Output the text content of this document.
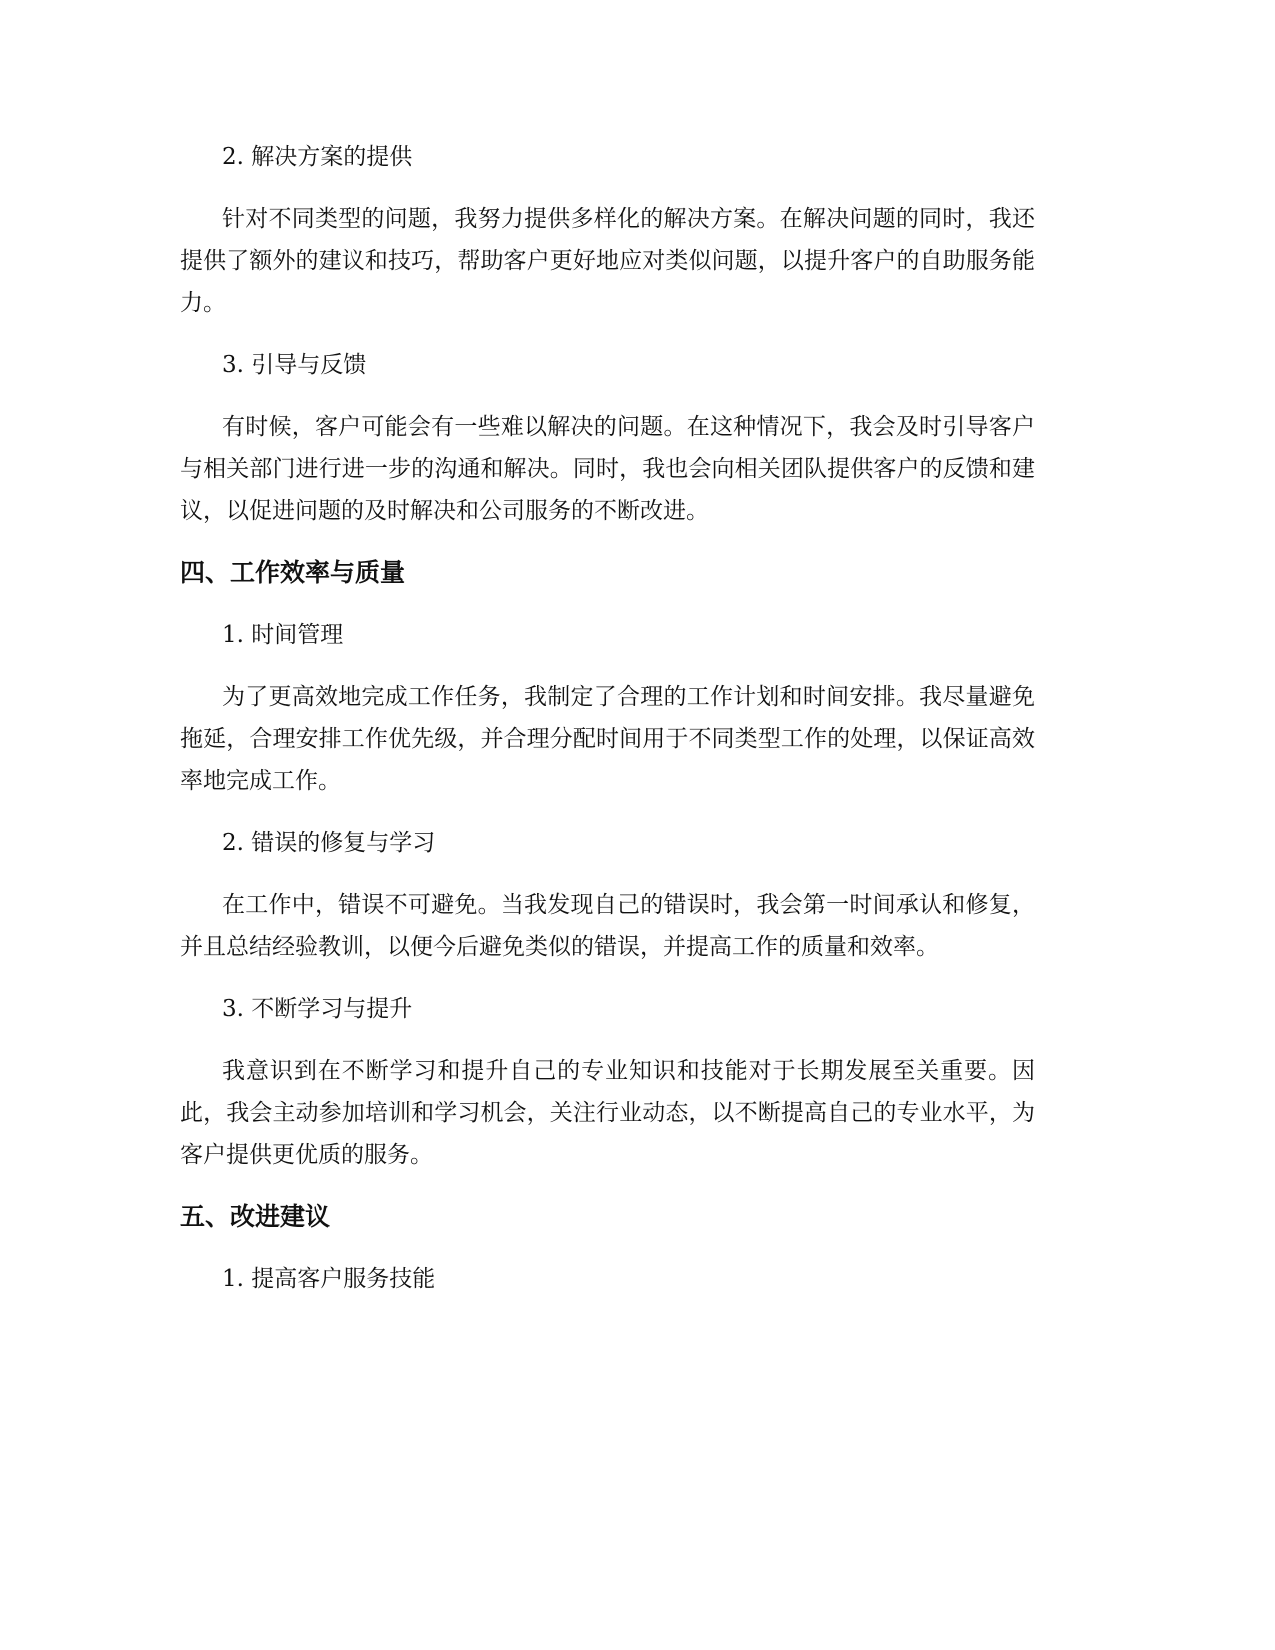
2. 解决方案的提供

针对不同类型的问题，我努力提供多样化的解决方案。在解决问题的同时，我还提供了额外的建议和技巧，帮助客户更好地应对类似问题，以提升客户的自助服务能力。

3. 引导与反馈

有时候，客户可能会有一些难以解决的问题。在这种情况下，我会及时引导客户与相关部门进行进一步的沟通和解决。同时，我也会向相关团队提供客户的反馈和建议，以促进问题的及时解决和公司服务的不断改进。

四、工作效率与质量

1. 时间管理

为了更高效地完成工作任务，我制定了合理的工作计划和时间安排。我尽量避免拖延，合理安排工作优先级，并合理分配时间用于不同类型工作的处理，以保证高效率地完成工作。

2. 错误的修复与学习

在工作中，错误不可避免。当我发现自己的错误时，我会第一时间承认和修复，并且总结经验教训，以便今后避免类似的错误，并提高工作的质量和效率。

3. 不断学习与提升

我意识到在不断学习和提升自己的专业知识和技能对于长期发展至关重要。因此，我会主动参加培训和学习机会，关注行业动态，以不断提高自己的专业水平，为客户提供更优质的服务。

五、改进建议

1. 提高客户服务技能
